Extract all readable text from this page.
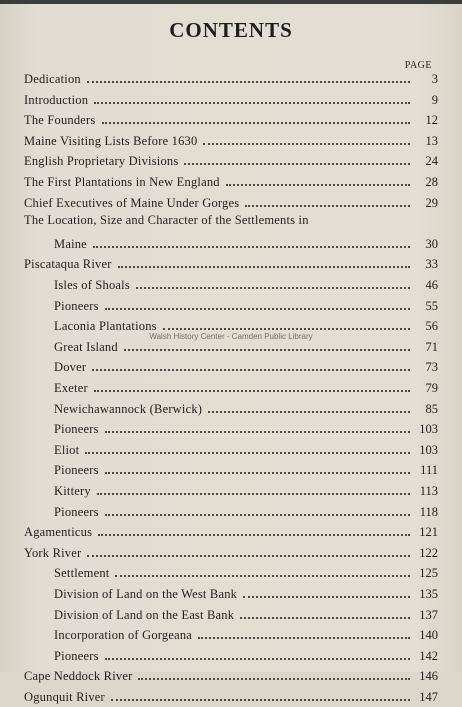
CONTENTS
PAGE
Dedication	3
Introduction	9
The Founders	12
Maine Visiting Lists Before 1630	13
English Proprietary Divisions	24
The First Plantations in New England	28
Chief Executives of Maine Under Gorges	29
The Location, Size and Character of the Settlements in
Maine	30
Piscataqua River	33
Isles of Shoals	46
Pioneers	55
Laconia Plantations	56
Great Island	71
Dover	73
Exeter	79
Newichawannock (Berwick)	85
Pioneers	103
Eliot	103
Pioneers	111
Kittery	113
Pioneers	118
Agamenticus	121
York River	122
Settlement	125
Division of Land on the West Bank	135
Division of Land on the East Bank	137
Incorporation of Gorgeana	140
Pioneers	142
Cape Neddock River	146
Ogunquit River	147
Walsh History Center - Camden Public Library
